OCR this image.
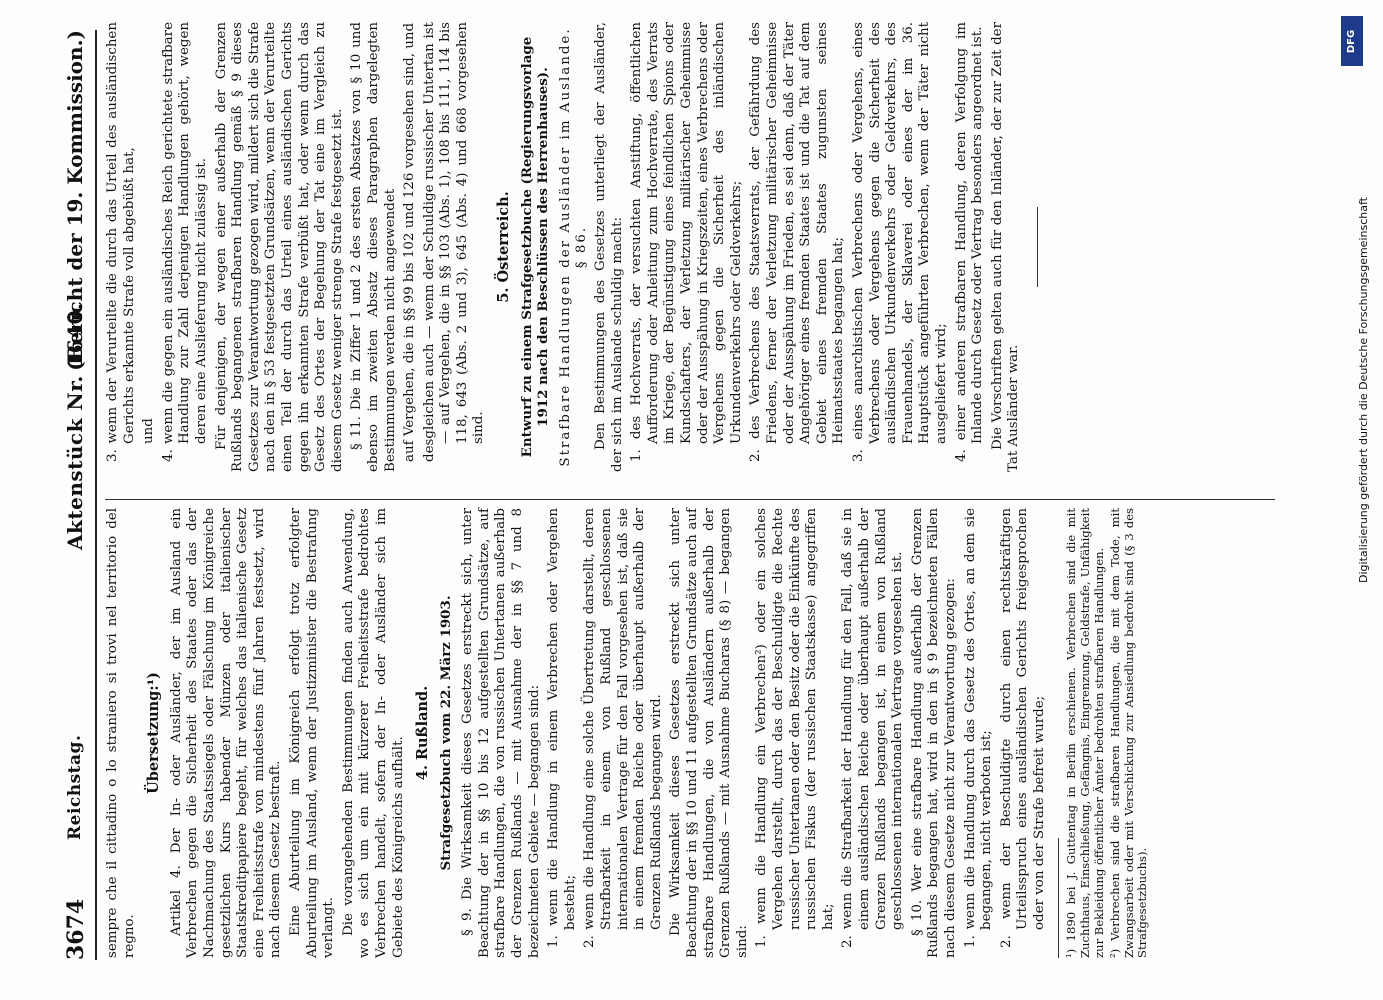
3674
Reichstag.
Aktenstück Nr. 1640.
(Bericht der 19. Kommission.)

sempre che il cittadino o lo straniero si trovi nel territorio del regno.

Übersetzung:¹) Artikel 4. Der In- oder Ausländer, der im Ausland ein Verbrechen gegen die Sicherheit des Staates oder das der Nachmachung des Staatssiegels oder Fälschung im Königreiche gesetzlichen Kurs habender Münzen oder italienischer Staatskreditpapiere begeht, für welches das italienische Gesetz eine Freiheitsstrafe von mindestens fünf Jahren festsetzt, wird nach diesem Gesetz bestraft. Eine Aburteilung im Königreich erfolgt trotz erfolgter Aburteilung im Ausland, wenn der Justizminister die Bestrafung verlangt. Die vorangehenden Bestimmungen finden auch Anwendung, wo es sich um ein mit kürzerer Freiheitsstrafe bedrohtes Verbrechen handelt, sofern der In- oder Ausländer sich im Gebiete des Königreichs aufhält.

4. Rußland. Strafgesetzbuch vom 22. März 1903. § 9. Die Wirksamkeit dieses Gesetzes erstreckt sich, unter Beachtung der in §§ 10 bis 12 aufgestellten Grundsätze, auf strafbare Handlungen, die von russischen Untertanen außerhalb der Grenzen Rußlands — mit Ausnahme der in §§ 7 und 8 bezeichneten Gebiete — begangen sind: 1. wenn die Handlung in einem Verbrechen oder Vergehen besteht; 2. wenn die Handlung eine solche Übertretung darstellt, deren Strafbarkeit in einem von Rußland geschlossenen internationalen Vertrage für den Fall vorgesehen ist, daß sie in einem fremden Reiche oder überhaupt außerhalb der Grenzen Rußlands begangen wird. Die Wirksamkeit dieses Gesetzes erstreckt sich unter Beachtung der in §§ 10 und 11 aufgestellten Grundsätze auch auf strafbare Handlungen, die von Ausländern außerhalb der Grenzen Rußlands — mit Ausnahme Bucharas (§ 8) — begangen sind: 1. wenn die Handlung ein Verbrechen²) oder ein solches Vergehen darstellt, durch das der Beschuldigte die Rechte russischer Untertanen oder den Besitz oder die Einkünfte des russischen Fiskus (der russischen Staatskasse) angegriffen hat; 2. wenn die Strafbarkeit der Handlung für den Fall, daß sie in einem ausländischen Reiche oder überhaupt außerhalb der Grenzen Rußlands begangen ist, in einem von Rußland geschlossenen internationalen Vertrage vorgesehen ist. § 10. Wer eine strafbare Handlung außerhalb der Grenzen Rußlands begangen hat, wird in den in § 9 bezeichneten Fällen nach diesem Gesetze nicht zur Verantwortung gezogen: 1. wenn die Handlung durch das Gesetz des Ortes, an dem sie begangen, nicht verboten ist; 2. wenn der Beschuldigte durch einen rechtskräftigen Urteilsspruch eines ausländischen Gerichts freigesprochen oder von der Strafe befreit wurde; ¹) 1890 bei J. Guttentag in Berlin erschienen. Verbrechen sind die mit Zuchthaus, Einschließung, Gefängnis, Eingrenzung, Geldstrafe, Unfähigkeit zur Bekleidung öffentlicher Ämter bedrohten strafbaren Handlungen. ²) Verbrechen sind die strafbaren Handlungen, die mit dem Tode, mit Zwangsarbeit oder mit Verschickung zur Ansiedlung bedroht sind (§ 3 des Strafgesetzbuchs).

3. wenn der Verurteilte die durch das Urteil des ausländischen Gerichts erkannte Strafe voll abgebüßt hat, und 4. wenn die gegen ein ausländisches Reich gerichtete strafbare Handlung zur Zahl derjenigen Handlungen gehört, wegen deren eine Auslieferung nicht zulässig ist. Für denjenigen, der wegen einer außerhalb der Grenzen Rußlands begangenen strafbaren Handlung gemäß § 9 dieses Gesetzes zur Verantwortung gezogen wird, mildert sich die Strafe nach den in § 53 festgesetzten Grundsätzen, wenn der Verurteilte einen Teil der durch das Urteil eines ausländischen Gerichts gegen ihn erkannten Strafe verbüßt hat, oder wenn durch das Gesetz des Ortes der Begehung der Tat eine im Vergleich zu diesem Gesetz weniger strenge Strafe festgesetzt ist. § 11. Die in Ziffer 1 und 2 des ersten Absatzes von § 10 und ebenso im zweiten Absatz dieses Paragraphen dargelegten Bestimmungen werden nicht angewendet auf Vergehen, die in §§ 99 bis 102 und 126 vorgesehen sind, und desgleichen auch — wenn der Schuldige russischer Untertan ist — auf Vergehen, die in §§ 103 (Abs. 1), 108 bis 111, 114 bis 118, 643 (Abs. 2 und 3), 645 (Abs. 4) und 668 vorgesehen sind.

5. Österreich. Entwurf zu einem Strafgesetzbuche (Regierungsvorlage 1912 nach den Beschlüssen des Herrenhauses). Strafbare Handlungen der Ausländer im Auslande. § 86. Den Bestimmungen des Gesetzes unterliegt der Ausländer, der sich im Auslande schuldig macht: 1. des Hochverrats, der versuchten Anstiftung, öffentlichen Aufforderung oder Anleitung zum Hochverrate, des Verrats im Kriege, der Begünstigung eines feindlichen Spions oder Kundschafters, der Verletzung militärischer Geheimnisse oder der Ausspähung in Kriegszeiten, eines Verbrechens oder Vergehens gegen die Sicherheit des inländischen Urkundenverkehrs oder Geldverkehrs; 2. des Verbrechens des Staatsverrats, der Gefährdung des Friedens, ferner der Verletzung militärischer Geheimnisse oder der Ausspähung im Frieden, es sei denn, daß der Täter Angehöriger eines fremden Staates ist und die Tat auf dem Gebiet eines fremden Staates zugunsten seines Heimatsstaates begangen hat; 3. eines anarchistischen Verbrechens oder Vergehens, eines Verbrechens oder Vergehens gegen die Sicherheit des ausländischen Urkundenverkehrs oder Geldverkehrs, des Frauenhandels, der Sklaverei oder eines der im 36. Hauptstück angeführten Verbrechen, wenn der Täter nicht ausgeliefert wird; 4. einer anderen strafbaren Handlung, deren Verfolgung im Inlande durch Gesetz oder Vertrag besonders angeordnet ist. Die Vorschriften gelten auch für den Inländer, der zur Zeit der Tat Ausländer war.

DFG
Digitalisierung gefördert durch die Deutsche Forschungsgemeinschaft
